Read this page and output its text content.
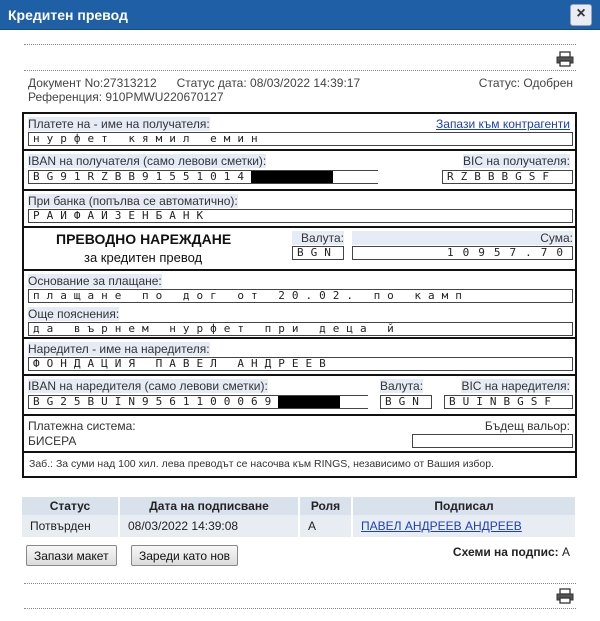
Кредитен превод	×
Документ No:27313212 Статус дата: 08/03/2022 14:39:17	Статус: Одобрен
Референция: 910PMWU220670127
Платете на - име на получателя:	Запази към контрагенти
нурфет кямил емин
IBAN на получателя (само левови сметки):
BG91RZBB91551014
BIC на получателя:
RZBBBGSF
При банка (попълва се автоматично):
РАЙФАЙЗЕНБАНК
ПРЕВОДНО НАРЕЖДАНЕ
за кредитен превод
Валута:
BGN
Сума:
10957.70
Основание за плащане:
плащане по дог от 20.02. по камп
Още пояснения:
да върнем нурфет при деца й
Наредител - име на наредителя:
ФОНДАЦИЯ ПАВЕЛ АНДРЕЕВ
IBAN на наредителя (само левови сметки):
BG25BUIN9561100069
Валута:
BGN
BIC на наредителя:
BUINBGSF
Платежна система:
БИСЕРА
Бъдещ вальор:
Заб.: За суми над 100 хил. лева преводът се насочва към RINGS, независимо от Вашия избор.
Статус	Дата на подписване	Роля	Подписал
Потвърден	08/03/2022 14:39:08	A	ПАВЕЛ АНДРЕЕВ АНДРЕЕВ
Запази макет	Зареди като нов	Схеми на подпис: A
